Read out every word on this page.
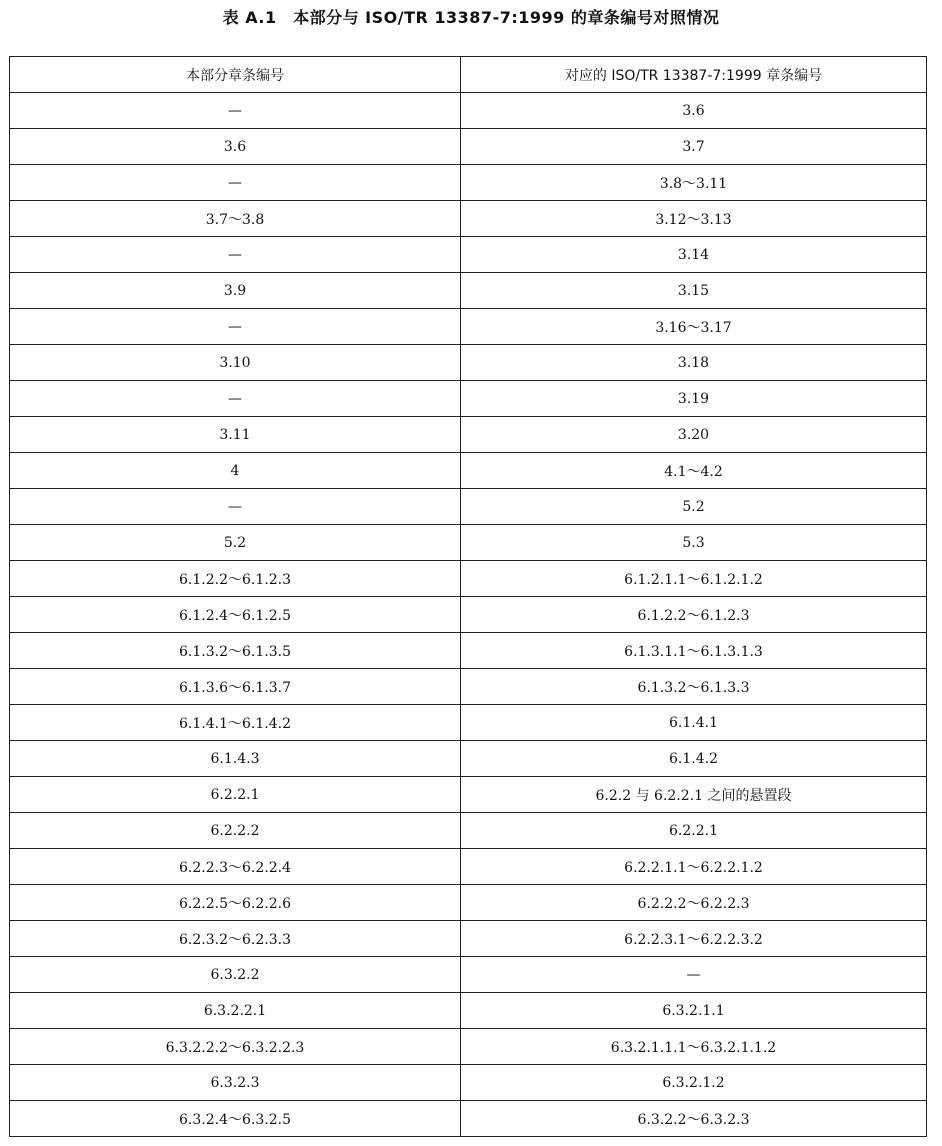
表 A.1　本部分与 ISO/TR 13387-7:1999 的章条编号对照情况
本部分章条编号	对应的 ISO/TR 13387-7:1999 章条编号
—	3.6
3.6	3.7
—	3.8～3.11
3.7～3.8	3.12～3.13
—	3.14
3.9	3.15
—	3.16～3.17
3.10	3.18
—	3.19
3.11	3.20
4	4.1～4.2
—	5.2
5.2	5.3
6.1.2.2～6.1.2.3	6.1.2.1.1～6.1.2.1.2
6.1.2.4～6.1.2.5	6.1.2.2～6.1.2.3
6.1.3.2～6.1.3.5	6.1.3.1.1～6.1.3.1.3
6.1.3.6～6.1.3.7	6.1.3.2～6.1.3.3
6.1.4.1～6.1.4.2	6.1.4.1
6.1.4.3	6.1.4.2
6.2.2.1	6.2.2 与 6.2.2.1 之间的悬置段
6.2.2.2	6.2.2.1
6.2.2.3～6.2.2.4	6.2.2.1.1～6.2.2.1.2
6.2.2.5～6.2.2.6	6.2.2.2～6.2.2.3
6.2.3.2～6.2.3.3	6.2.2.3.1～6.2.2.3.2
6.3.2.2	—
6.3.2.2.1	6.3.2.1.1
6.3.2.2.2～6.3.2.2.3	6.3.2.1.1.1～6.3.2.1.1.2
6.3.2.3	6.3.2.1.2
6.3.2.4～6.3.2.5	6.3.2.2～6.3.2.3
